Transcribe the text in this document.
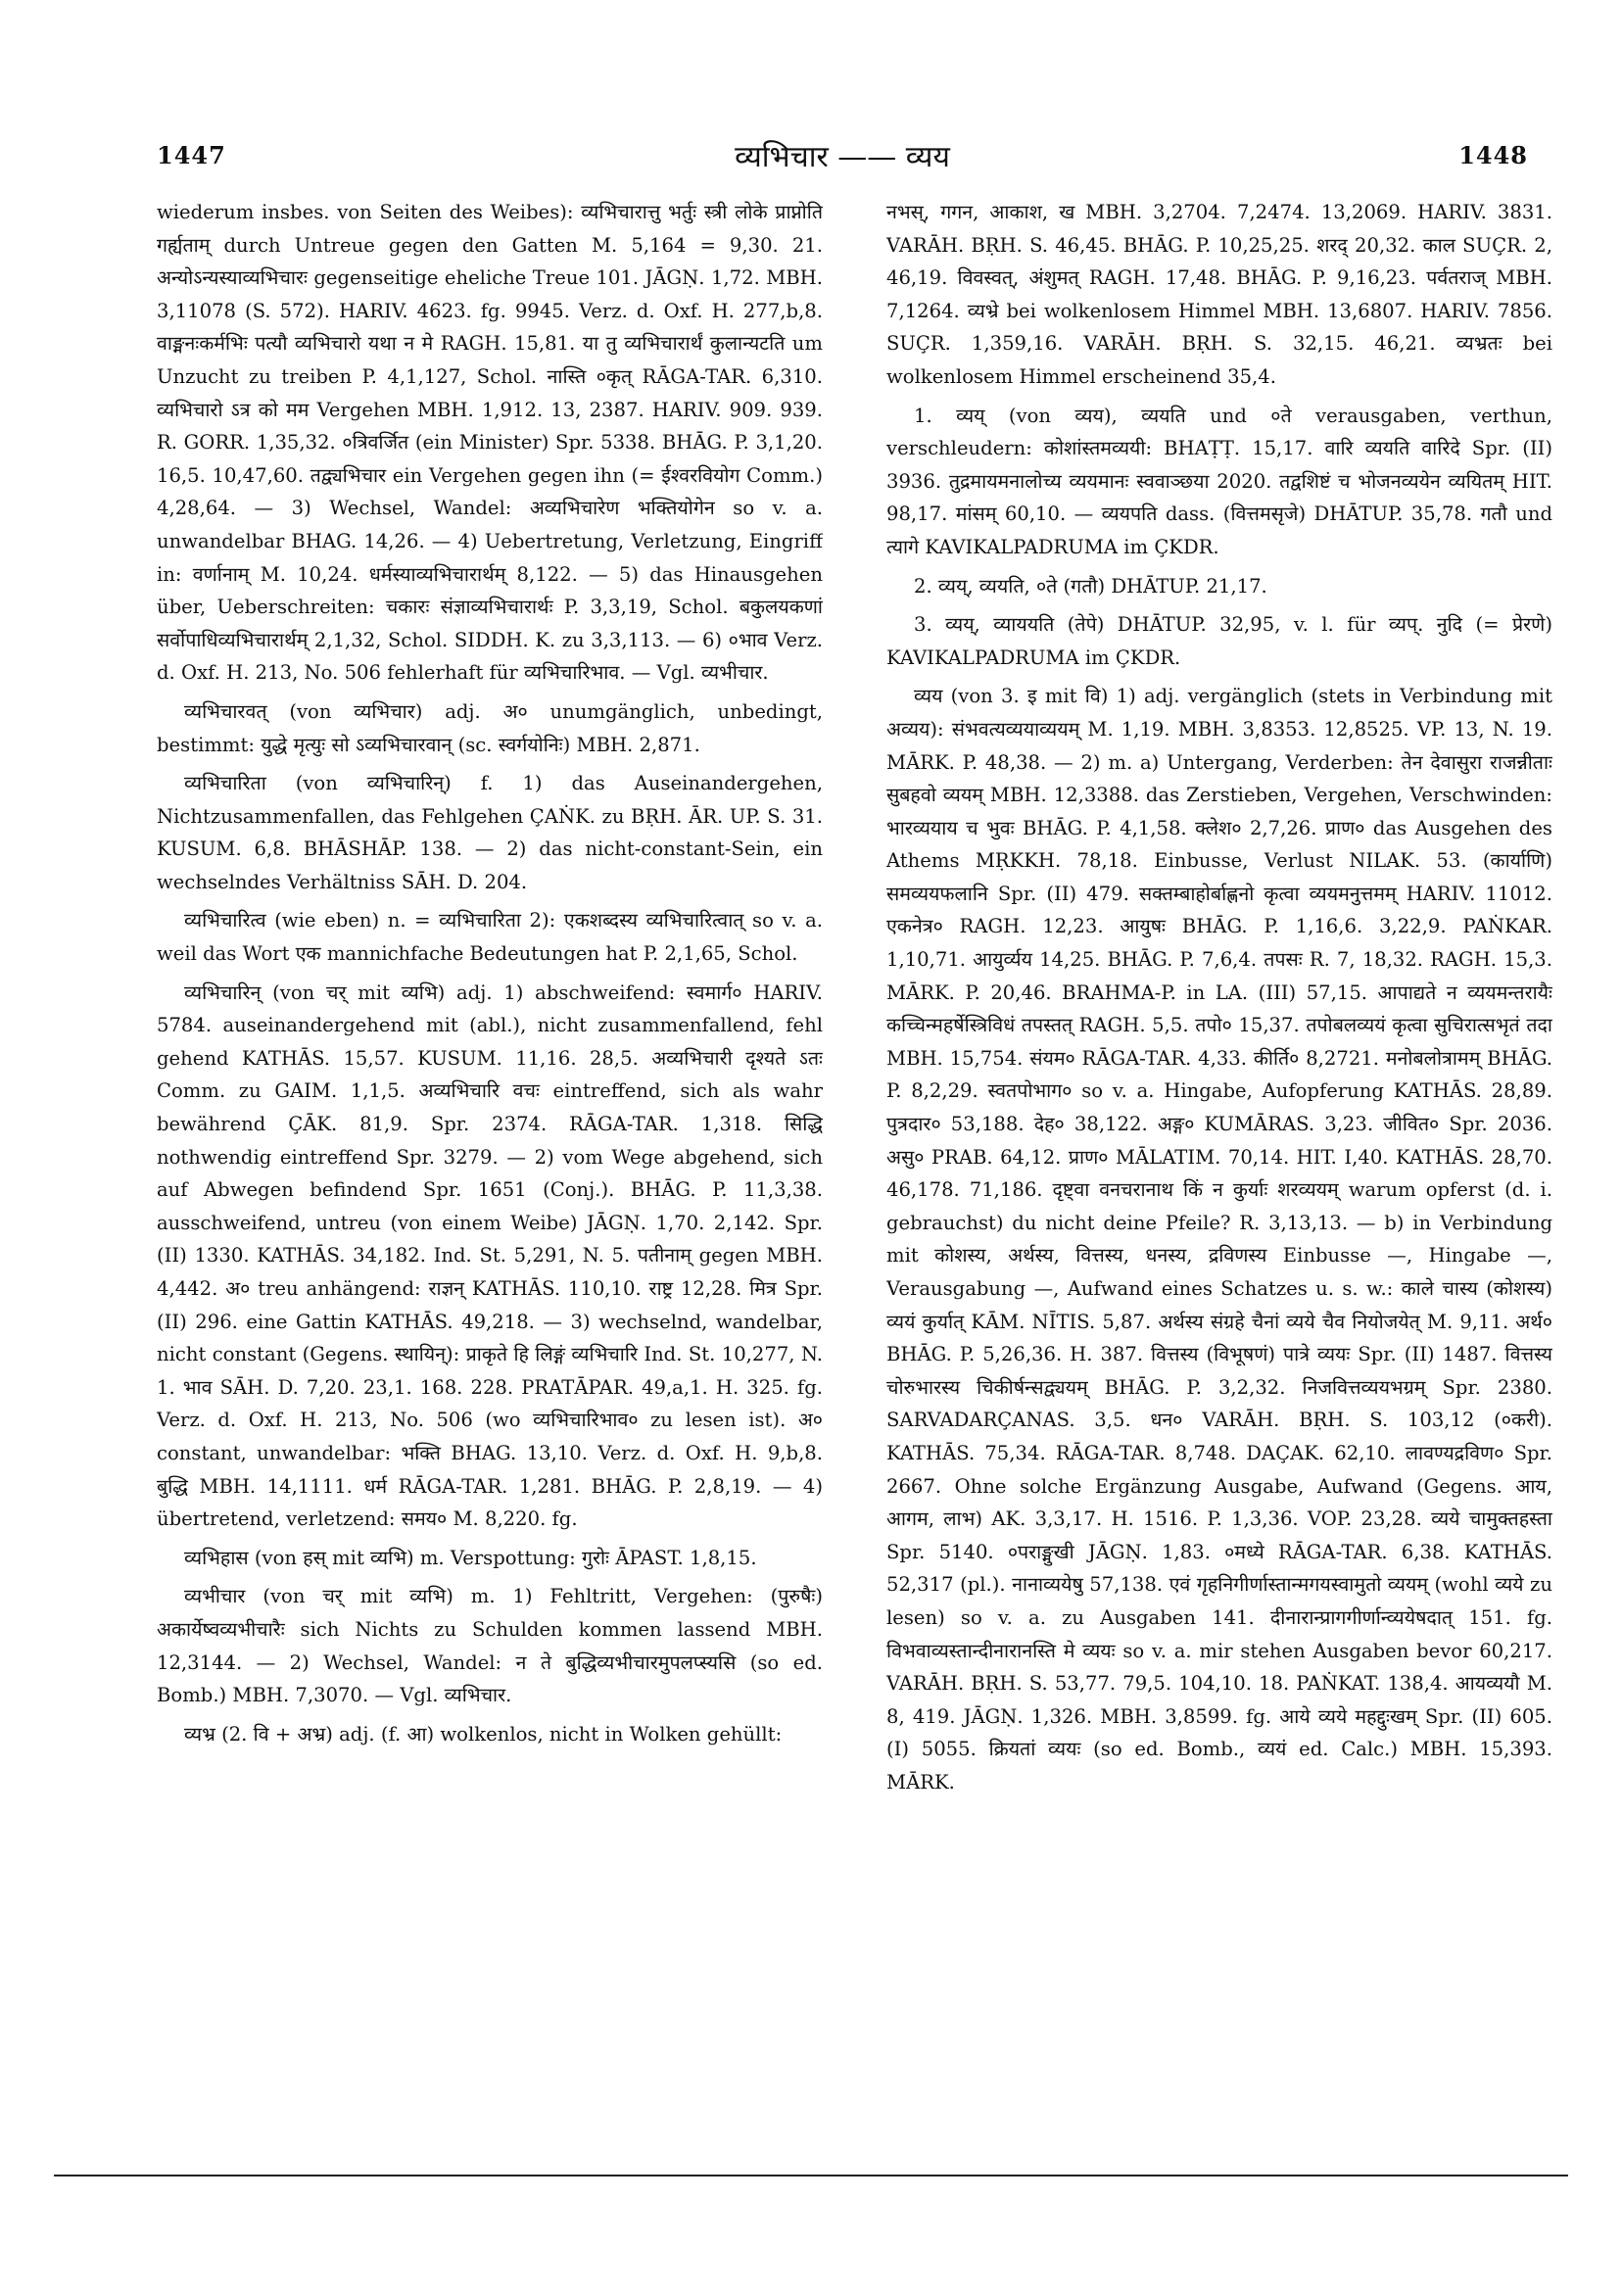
1447	व्यभिचार —— व्यय	1448

wiederum insbes. von Seiten des Weibes): व्यभिचारात्तु भर्तुः स्त्री लोके प्राप्नोति गर्ह्यताम् durch Untreue gegen den Gatten M. 5,164 = 9,30. 21. अन्योऽन्यस्याव्यभिचारः gegenseitige eheliche Treue 101. JĀGṆ. 1,72. MBH. 3,11078 (S. 572). HARIV. 4623. fg. 9945. Verz. d. Oxf. H. 277,b,8. वाङ्मनःकर्मभिः पत्यौ व्यभिचारो यथा न मे RAGH. 15,81. या तु व्यभिचारार्थं कुलान्यटति um Unzucht zu treiben P. 4,1,127, Schol. नास्ति ०कृत् RĀGA-TAR. 6,310. व्यभिचारो ऽत्र को मम Vergehen MBH. 1,912. 13, 2387. HARIV. 909. 939. R. GORR. 1,35,32. ०त्रिवर्जित (ein Minister) Spr. 5338. BHĀG. P. 3,1,20. 16,5. 10,47,60. तद्व्यभिचार ein Vergehen gegen ihn (= ईश्वरवियोग Comm.) 4,28,64. — 3) Wechsel, Wandel: अव्यभिचारेण भक्तियोगेन so v. a. unwandelbar BHAG. 14,26. — 4) Uebertretung, Verletzung, Eingriff in: वर्णानाम् M. 10,24. धर्मस्याव्यभिचारार्थम् 8,122. — 5) das Hinausgehen über, Ueberschreiten: चकारः संज्ञाव्यभिचारार्थः P. 3,3,19, Schol. बकुलयकणां सर्वोपाधिव्यभिचारार्थम् 2,1,32, Schol. SIDDH. K. zu 3,3,113. — 6) ०भाव Verz. d. Oxf. H. 213, No. 506 fehlerhaft für व्यभिचारिभाव. — Vgl. व्यभीचार.

व्यभिचारवत् (von व्यभिचार) adj. अ० unumgänglich, unbedingt, bestimmt: युद्धे मृत्युः सो ऽव्यभिचारवान् (sc. स्वर्गयोनिः) MBH. 2,871.

व्यभिचारिता (von व्यभिचारिन्) f. 1) das Auseinandergehen, Nichtzusammenfallen, das Fehlgehen ÇAṄK. zu BṚH. ĀR. UP. S. 31. KUSUM. 6,8. BHĀSHĀP. 138. — 2) das nicht-constant-Sein, ein wechselndes Verhältniss SĀH. D. 204.

व्यभिचारित्व (wie eben) n. = व्यभिचारिता 2): एकशब्दस्य व्यभिचारित्वात् so v. a. weil das Wort एक mannichfache Bedeutungen hat P. 2,1,65, Schol.

व्यभिचारिन् (von चर् mit व्यभि) adj. 1) abschweifend: स्वमार्ग० HARIV. 5784. auseinandergehend mit (abl.), nicht zusammenfallend, fehl gehend KATHĀS. 15,57. KUSUM. 11,16. 28,5. अव्यभिचारी दृश्यते ऽतः Comm. zu GAIM. 1,1,5. अव्यभिचारि वचः eintreffend, sich als wahr bewährend ÇĀK. 81,9. Spr. 2374. RĀGA-TAR. 1,318. सिद्धि nothwendig eintreffend Spr. 3279. — 2) vom Wege abgehend, sich auf Abwegen befindend Spr. 1651 (Conj.). BHĀG. P. 11,3,38. ausschweifend, untreu (von einem Weibe) JĀGṆ. 1,70. 2,142. Spr. (II) 1330. KATHĀS. 34,182. Ind. St. 5,291, N. 5. पतीनाम् gegen MBH. 4,442. अ० treu anhängend: राज्ञन् KATHĀS. 110,10. राष्ट्र 12,28. मित्र Spr. (II) 296. eine Gattin KATHĀS. 49,218. — 3) wechselnd, wandelbar, nicht constant (Gegens. स्थायिन्): प्राकृते हि लिङ्गं व्यभिचारि Ind. St. 10,277, N. 1. भाव SĀH. D. 7,20. 23,1. 168. 228. PRATĀPAR. 49,a,1. H. 325. fg. Verz. d. Oxf. H. 213, No. 506 (wo व्यभिचारिभाव० zu lesen ist). अ० constant, unwandelbar: भक्ति BHAG. 13,10. Verz. d. Oxf. H. 9,b,8. बुद्धि MBH. 14,1111. धर्म RĀGA-TAR. 1,281. BHĀG. P. 2,8,19. — 4) übertretend, verletzend: समय० M. 8,220. fg.

व्यभिहास (von हस् mit व्यभि) m. Verspottung: गुरोः ĀPAST. 1,8,15.

व्यभीचार (von चर् mit व्यभि) m. 1) Fehltritt, Vergehen: (पुरुषैः) अकार्येष्वव्यभीचारैः sich Nichts zu Schulden kommen lassend MBH. 12,3144. — 2) Wechsel, Wandel: न ते बुद्धिव्यभीचारमुपलप्स्यसि (so ed. Bomb.) MBH. 7,3070. — Vgl. व्यभिचार.

व्यभ्र (2. वि + अभ्र) adj. (f. आ) wolkenlos, nicht in Wolken gehüllt:

नभस्, गगन, आकाश, ख MBH. 3,2704. 7,2474. 13,2069. HARIV. 3831. VARĀH. BṚH. S. 46,45. BHĀG. P. 10,25,25. शरद् 20,32. काल SUÇR. 2, 46,19. विवस्वत्, अंशुमत् RAGH. 17,48. BHĀG. P. 9,16,23. पर्वतराज् MBH. 7,1264. व्यभ्रे bei wolkenlosem Himmel MBH. 13,6807. HARIV. 7856. SUÇR. 1,359,16. VARĀH. BṚH. S. 32,15. 46,21. व्यभ्रतः bei wolkenlosem Himmel erscheinend 35,4.

1. व्यय् (von व्यय), व्ययति und ०ते verausgaben, verthun, verschleudern: कोशांस्तमव्ययी: BHAṬṬ. 15,17. वारि व्ययति वारिदे Spr. (II) 3936. तुद्रमायमनालोच्य व्ययमानः स्ववाञ्छया 2020. तद्वशिष्टं च भोजनव्ययेन व्ययितम् HIT. 98,17. मांसम् 60,10. — व्ययपति dass. (वित्तमसृजे) DHĀTUP. 35,78. गतौ und त्यागे KAVIKALPADRUMA im ÇKDR.

2. व्यय्, व्ययति, ०ते (गतौ) DHĀTUP. 21,17.

3. व्यय्, व्याययति (तेपे) DHĀTUP. 32,95, v. l. für व्यप्. नुदि (= प्रेरणे) KAVIKALPADRUMA im ÇKDR.

व्यय (von 3. इ mit वि) 1) adj. vergänglich (stets in Verbindung mit अव्यय): संभवत्यव्ययाव्ययम् M. 1,19. MBH. 3,8353. 12,8525. VP. 13, N. 19. MĀRK. P. 48,38. — 2) m. a) Untergang, Verderben: तेन देवासुरा राजन्नीताः सुबहवो व्ययम् MBH. 12,3388. das Zerstieben, Vergehen, Verschwinden: भारव्ययाय च भुवः BHĀG. P. 4,1,58. क्लेश० 2,7,26. प्राण० das Ausgehen des Athems MṚKKH. 78,18. Einbusse, Verlust NILAK. 53. (कार्याणि) समव्ययफलानि Spr. (II) 479. सक्तम्बाहोर्बाह्णनो कृत्वा व्ययमनुत्तमम् HARIV. 11012. एकनेत्र० RAGH. 12,23. आयुषः BHĀG. P. 1,16,6. 3,22,9. PAṄKAR. 1,10,71. आयुर्व्यय 14,25. BHĀG. P. 7,6,4. तपसः R. 7, 18,32. RAGH. 15,3. MĀRK. P. 20,46. BRAHMA-P. in LA. (III) 57,15. आपाद्यते न व्ययमन्तरायैः कच्चिन्महर्षेस्त्रिविधं तपस्तत् RAGH. 5,5. तपो० 15,37. तपोबलव्ययं कृत्वा सुचिरात्सभृतं तदा MBH. 15,754. संयम० RĀGA-TAR. 4,33. कीर्ति० 8,2721. मनोबलोत्रामम् BHĀG. P. 8,2,29. स्वतपोभाग० so v. a. Hingabe, Aufopferung KATHĀS. 28,89. पुत्रदार० 53,188. देह० 38,122. अङ्ग० KUMĀRAS. 3,23. जीवित० Spr. 2036. असु० PRAB. 64,12. प्राण० MĀLATIM. 70,14. HIT. I,40. KATHĀS. 28,70. 46,178. 71,186. दृष्ट्वा वनचरानाथ किं न कुर्याः शरव्ययम् warum opferst (d. i. gebrauchst) du nicht deine Pfeile? R. 3,13,13. — b) in Verbindung mit कोशस्य, अर्थस्य, वित्तस्य, धनस्य, द्रविणस्य Einbusse —, Hingabe —, Verausgabung —, Aufwand eines Schatzes u. s. w.: काले चास्य (कोशस्य) व्ययं कुर्यात् KĀM. NĪTIS. 5,87. अर्थस्य संग्रहे चैनां व्यये चैव नियोजयेत् M. 9,11. अर्थ० BHĀG. P. 5,26,36. H. 387. वित्तस्य (विभूषणं) पात्रे व्ययः Spr. (II) 1487. वित्तस्य चोरुभारस्य चिकीर्षन्सद्व्ययम् BHĀG. P. 3,2,32. निजवित्तव्ययभग्रम् Spr. 2380. SARVADARÇANAS. 3,5. धन० VARĀH. BṚH. S. 103,12 (०करी). KATHĀS. 75,34. RĀGA-TAR. 8,748. DAÇAK. 62,10. लावण्यद्रविण० Spr. 2667. Ohne solche Ergänzung Ausgabe, Aufwand (Gegens. आय, आगम, लाभ) AK. 3,3,17. H. 1516. P. 1,3,36. VOP. 23,28. व्यये चामुक्तहस्ता Spr. 5140. ०पराङ्मुखी JĀGṆ. 1,83. ०मध्ये RĀGA-TAR. 6,38. KATHĀS. 52,317 (pl.). नानाव्ययेषु 57,138. एवं गृहनिगीर्णास्तान्मगयस्वामुतो व्ययम् (wohl व्यये zu lesen) so v. a. zu Ausgaben 141. दीनारान्प्रागगीर्णान्व्ययेषदात् 151. fg. विभवाव्यस्तान्दीनारानस्ति मे व्ययः so v. a. mir stehen Ausgaben bevor 60,217. VARĀH. BṚH. S. 53,77. 79,5. 104,10. 18. PAṄKAT. 138,4. आयव्ययौ M. 8, 419. JĀGṆ. 1,326. MBH. 3,8599. fg. आये व्यये महद्दुःखम् Spr. (II) 605. (I) 5055. क्रियतां व्ययः (so ed. Bomb., व्ययं ed. Calc.) MBH. 15,393. MĀRK.
